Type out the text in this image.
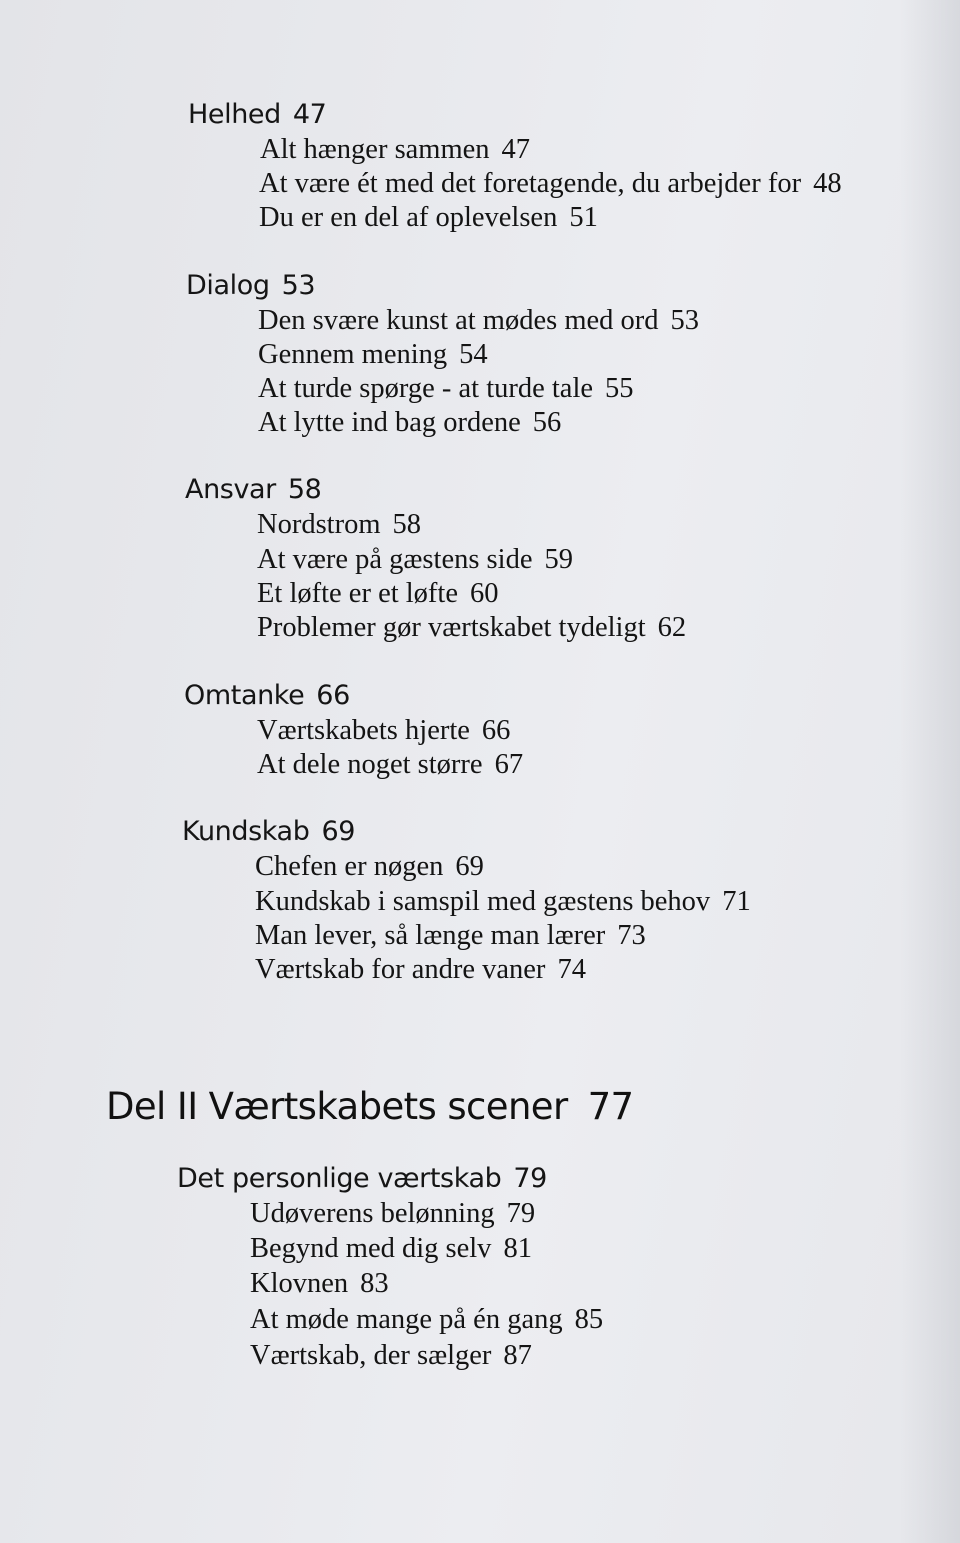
Helhed 47
Alt hænger sammen 47
At være ét med det foretagende, du arbejder for 48
Du er en del af oplevelsen 51
Dialog 53
Den svære kunst at mødes med ord 53
Gennem mening 54
At turde spørge - at turde tale 55
At lytte ind bag ordene 56
Ansvar 58
Nordstrom 58
At være på gæstens side 59
Et løfte er et løfte 60
Problemer gør værtskabet tydeligt 62
Omtanke 66
Værtskabets hjerte 66
At dele noget større 67
Kundskab 69
Chefen er nøgen 69
Kundskab i samspil med gæstens behov 71
Man lever, så længe man lærer 73
Værtskab for andre vaner 74
Del II Værtskabets scener 77
Det personlige værtskab 79
Udøverens belønning 79
Begynd med dig selv 81
Klovnen 83
At møde mange på én gang 85
Værtskab, der sælger 87
